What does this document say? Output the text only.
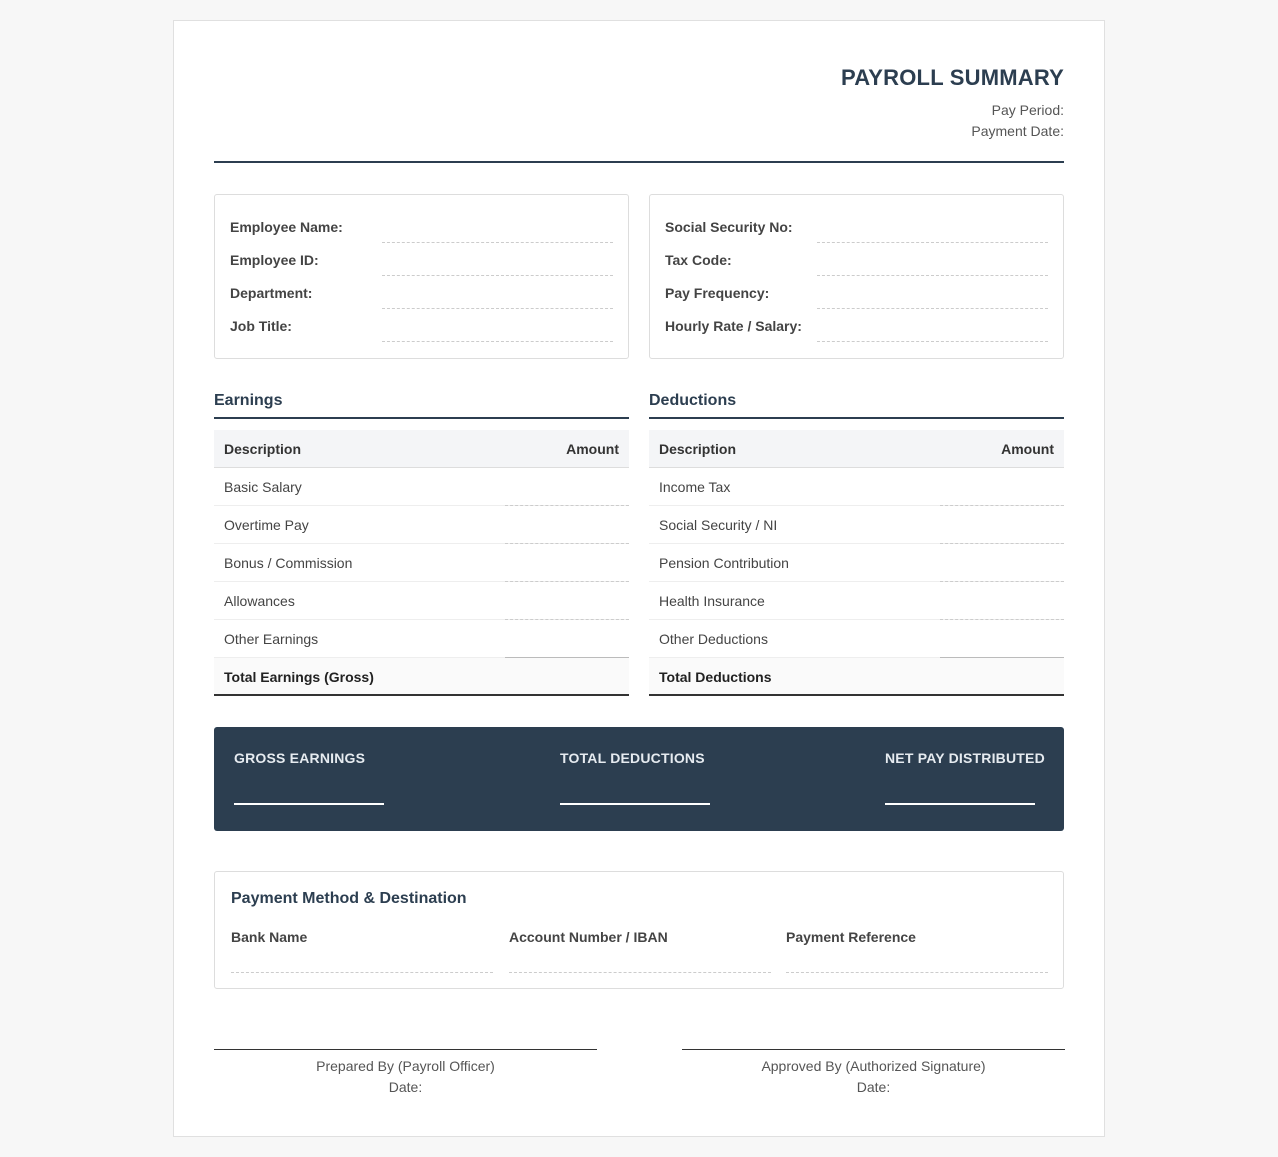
PAYROLL SUMMARY
Pay Period:
Payment Date:
Employee Name:
Employee ID:
Department:
Job Title:
Social Security No:
Tax Code:
Pay Frequency:
Hourly Rate / Salary:
Earnings
Description	Amount
Basic Salary
Overtime Pay
Bonus / Commission
Allowances
Other Earnings
Total Earnings (Gross)
Deductions
Description	Amount
Income Tax
Social Security / NI
Pension Contribution
Health Insurance
Other Deductions
Total Deductions
GROSS EARNINGS	TOTAL DEDUCTIONS	NET PAY DISTRIBUTED
Payment Method & Destination
Bank Name	Account Number / IBAN	Payment Reference
Prepared By (Payroll Officer)
Date:
Approved By (Authorized Signature)
Date:
